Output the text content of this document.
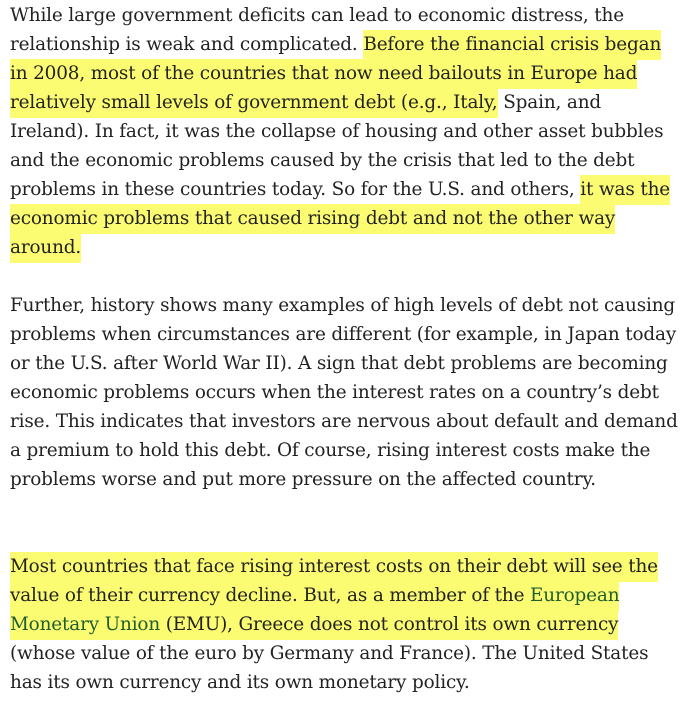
While large government deficits can lead to economic distress, the relationship is weak and complicated. Before the financial crisis began in 2008, most of the countries that now need bailouts in Europe had relatively small levels of government debt (e.g., Italy, Spain, and Ireland). In fact, it was the collapse of housing and other asset bubbles and the economic problems caused by the crisis that led to the debt problems in these countries today. So for the U.S. and others, it was the economic problems that caused rising debt and not the other way around.

Further, history shows many examples of high levels of debt not causing problems when circumstances are different (for example, in Japan today or the U.S. after World War II). A sign that debt problems are becoming economic problems occurs when the interest rates on a country’s debt rise. This indicates that investors are nervous about default and demand a premium to hold this debt. Of course, rising interest costs make the problems worse and put more pressure on the affected country.

Most countries that face rising interest costs on their debt will see the value of their currency decline. But, as a member of the European Monetary Union (EMU), Greece does not control its own currency (whose value of the euro by Germany and France). The United States has its own currency and its own monetary policy.
